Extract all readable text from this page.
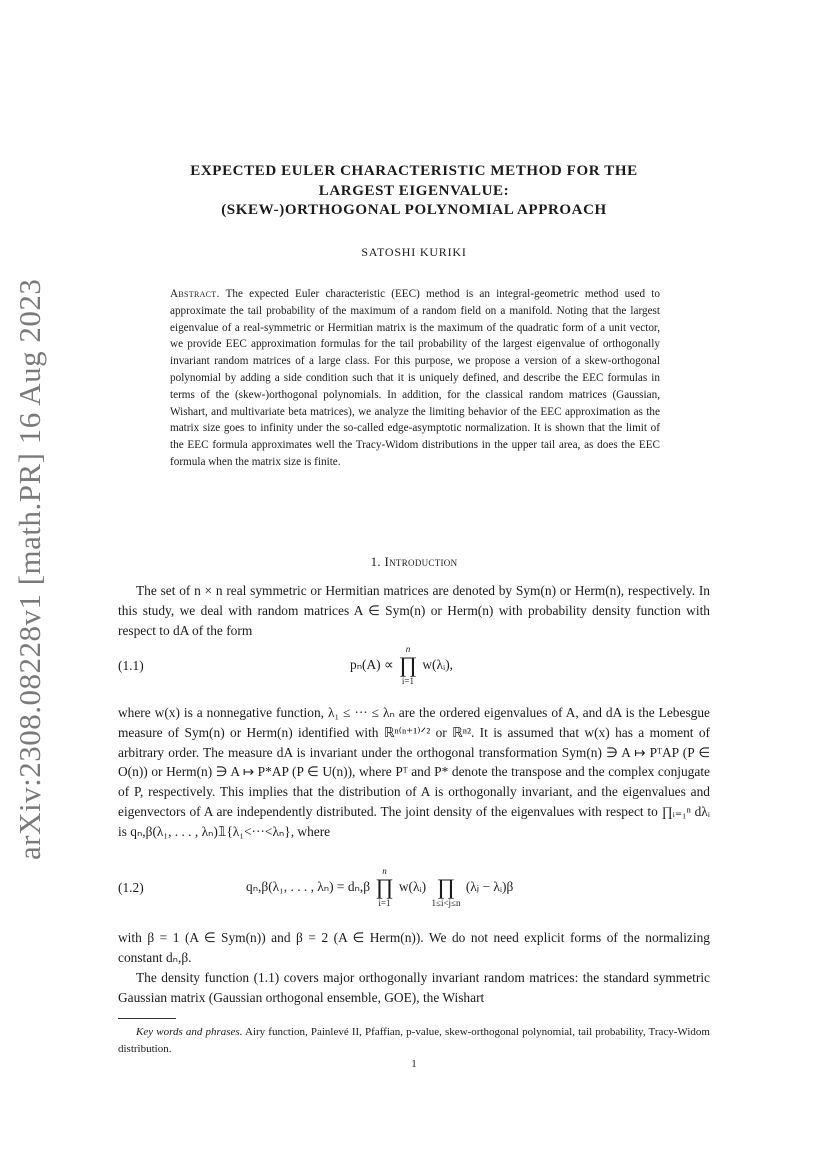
arXiv:2308.08228v1 [math.PR] 16 Aug 2023
EXPECTED EULER CHARACTERISTIC METHOD FOR THE
LARGEST EIGENVALUE:
(SKEW-)ORTHOGONAL POLYNOMIAL APPROACH
SATOSHI KURIKI
Abstract. The expected Euler characteristic (EEC) method is an integral-geometric method used to approximate the tail probability of the maximum of a random field on a manifold. Noting that the largest eigenvalue of a real-symmetric or Hermitian matrix is the maximum of the quadratic form of a unit vector, we provide EEC approximation formulas for the tail probability of the largest eigenvalue of orthogonally invariant random matrices of a large class. For this purpose, we propose a version of a skew-orthogonal polynomial by adding a side condition such that it is uniquely defined, and describe the EEC formulas in terms of the (skew-)orthogonal polynomials. In addition, for the classical random matrices (Gaussian, Wishart, and multivariate beta matrices), we analyze the limiting behavior of the EEC approximation as the matrix size goes to infinity under the so-called edge-asymptotic normalization. It is shown that the limit of the EEC formula approximates well the Tracy-Widom distributions in the upper tail area, as does the EEC formula when the matrix size is finite.
1. Introduction
The set of n × n real symmetric or Hermitian matrices are denoted by Sym(n) or Herm(n), respectively. In this study, we deal with random matrices A ∈ Sym(n) or Herm(n) with probability density function with respect to dA of the form
(1.1)	pₙ(A) ∝
n
∏
i=1
w(λᵢ),
where w(x) is a nonnegative function, λ₁ ≤ ··· ≤ λₙ are the ordered eigenvalues of A, and dA is the Lebesgue measure of Sym(n) or Herm(n) identified with ℝⁿ⁽ⁿ⁺¹⁾ᐟ² or ℝⁿ². It is assumed that w(x) has a moment of arbitrary order. The measure dA is invariant under the orthogonal transformation Sym(n) ∋ A ↦ PᵀAP (P ∈ O(n)) or Herm(n) ∋ A ↦ P*AP (P ∈ U(n)), where Pᵀ and P* denote the transpose and the complex conjugate of P, respectively. This implies that the distribution of A is orthogonally invariant, and the eigenvalues and eigenvectors of A are independently distributed. The joint density of the eigenvalues with respect to ∏ᵢ₌₁ⁿ dλᵢ is qₙ,β(λ₁, . . . , λₙ)𝟙{λ₁<···<λₙ}, where
(1.2)	qₙ,β(λ₁, . . . , λₙ) = dₙ,β
n
∏
i=1
w(λᵢ)
∏
1≤i<j≤n
(λⱼ − λᵢ)β
with β = 1 (A ∈ Sym(n)) and β = 2 (A ∈ Herm(n)). We do not need explicit forms of the normalizing constant dₙ,β.
The density function (1.1) covers major orthogonally invariant random matrices: the standard symmetric Gaussian matrix (Gaussian orthogonal ensemble, GOE), the Wishart
Key words and phrases. Airy function, Painlevé II, Pfaffian, p-value, skew-orthogonal polynomial, tail probability, Tracy-Widom distribution.
1
